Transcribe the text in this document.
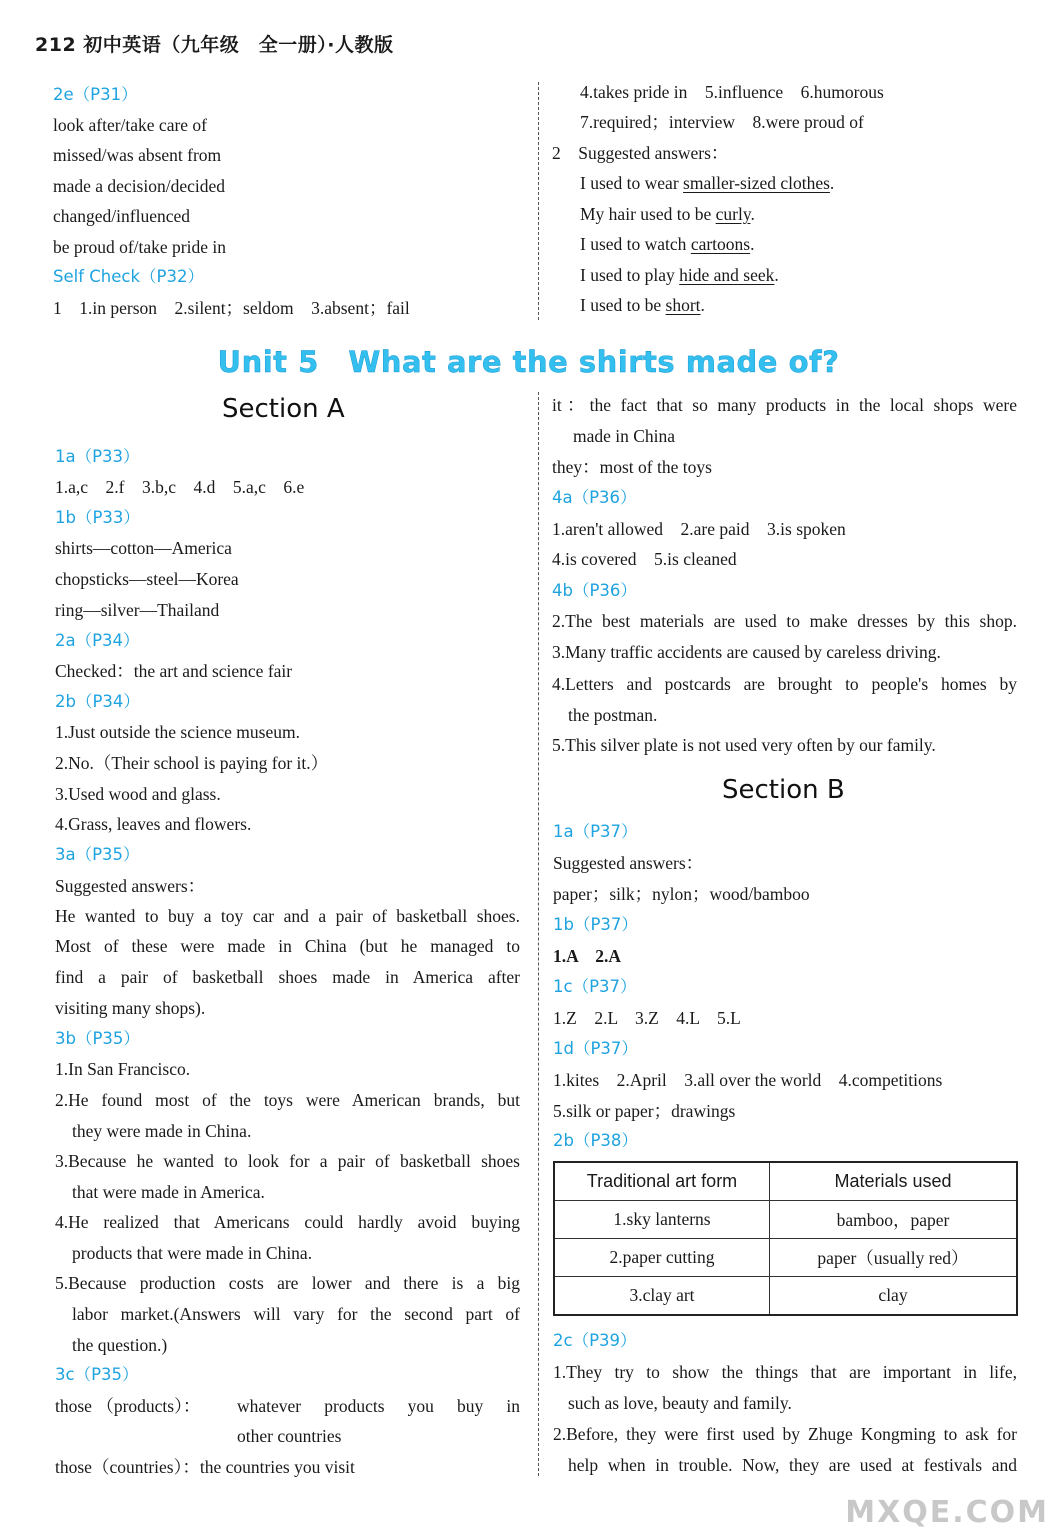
212 初中英语（九年级　全一册）·人教版
2e（P31）
look after/take care of
missed/was absent from
made a decision/decided
changed/influenced
be proud of/take pride in
Self Check（P32）
1　1.in person　2.silent；seldom　3.absent；fail
4.takes pride in　5.influence　6.humorous
7.required；interview　8.were proud of
2　Suggested answers：
I used to wear smaller-sized clothes.
My hair used to be curly.
I used to watch cartoons.
I used to play hide and seek.
I used to be short.
Unit 5　What are the shirts made of?
Section A
1a（P33）
1.a,c　2.f　3.b,c　4.d　5.a,c　6.e
1b（P33）
shirts—cotton—America
chopsticks—steel—Korea
ring—silver—Thailand
2a（P34）
Checked：the art and science fair
2b（P34）
1.Just outside the science museum.
2.No.（Their school is paying for it.）
3.Used wood and glass.
4.Grass, leaves and flowers.
3a（P35）
Suggested answers：
He wanted to buy a toy car and a pair of basketball shoes.
Most of these were made in China (but he managed to
find a pair of basketball shoes made in America after
visiting many shops).
3b（P35）
1.In San Francisco.
2.He found most of the toys were American brands, but
they were made in China.
3.Because he wanted to look for a pair of basketball shoes
that were made in America.
4.He realized that Americans could hardly avoid buying
products that were made in China.
5.Because production costs are lower and there is a big
labor market.(Answers will vary for the second part of
the question.)
3c（P35）
those （products）： whatever products you buy in
other countries
those（countries）：the countries you visit
it：the fact that so many products in the local shops were
made in China
they：most of the toys
4a（P36）
1.aren't allowed　2.are paid　3.is spoken
4.is covered　5.is cleaned
4b（P36）
2.The best materials are used to make dresses by this shop.
3.Many traffic accidents are caused by careless driving.
4.Letters and postcards are brought to people's homes by
the postman.
5.This silver plate is not used very often by our family.
Section B
1a（P37）
Suggested answers：
paper；silk；nylon；wood/bamboo
1b（P37）
1.A　2.A
1c（P37）
1.Z　2.L　3.Z　4.L　5.L
1d（P37）
1.kites　2.April　3.all over the world　4.competitions
5.silk or paper；drawings
2b（P38）
Traditional art form	Materials used
1.sky lanterns	bamboo，paper
2.paper cutting	paper（usually red）
3.clay art	clay
2c（P39）
1.They try to show the things that are important in life,
such as love, beauty and family.
2.Before, they were first used by Zhuge Kongming to ask for
help when in trouble. Now, they are used at festivals and
MXQE.COM
